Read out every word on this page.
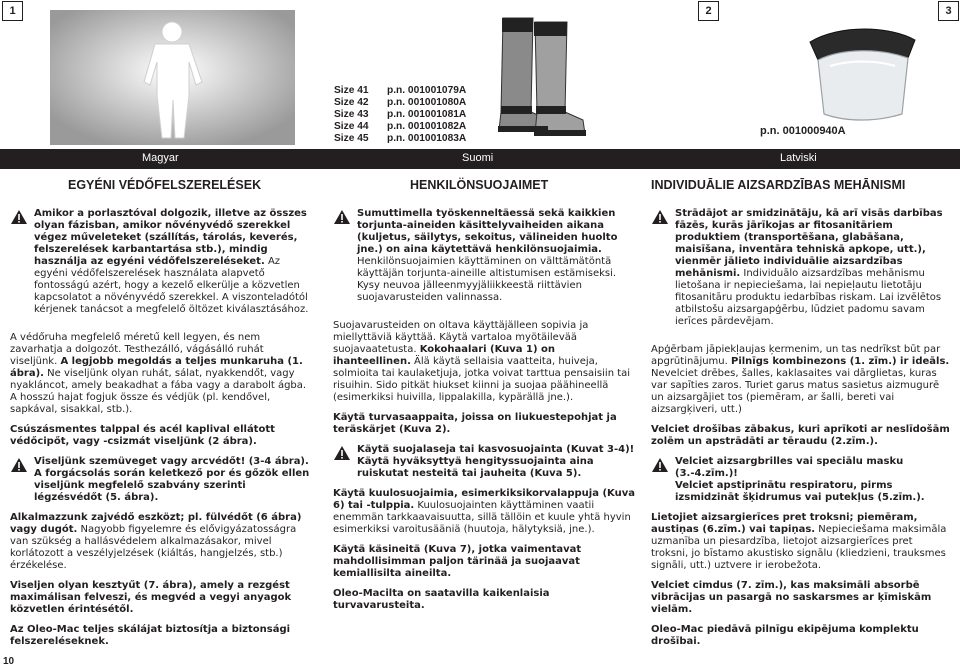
1	2	3
Size 41	p.n. 001001079A
Size 42	p.n. 001001080A
Size 43	p.n. 001001081A
Size 44	p.n. 001001082A
Size 45	p.n. 001001083A
p.n. 001000940A
Magyar	Suomi	Latviski
EGYÉNI VÉDŐFELSZERELÉSEK	HENKILÖNSUOJAIMET	INDIVIDUĀLIE AIZSARDZĪBAS MEHĀNISMI

Amikor a porlasztóval dolgozik, illetve az összes olyan fázisban, amikor nővényvédő szerekkel végez műveleteket (szállítás, tárolás, keverés, felszerelések karbantartása stb.), mindig használja az egyéni védőfelszereléseket. Az egyéni védőfelszerelések használata alapvető fontosságú azért, hogy a kezelő elkerülje a közvetlen kapcsolatot a növényvédő szerekkel. A viszonteladótól kérjenek tanácsot a megfelelő öltözet kiválasztásához.

A védőruha megfelelő méretű kell legyen, és nem zavarhatja a dolgozót. Testhezálló, vágásálló ruhát viseljünk. A legjobb megoldás a teljes munkaruha (1. ábra). Ne viseljünk olyan ruhát, sálat, nyakkendőt, vagy nyakláncot, amely beakadhat a fába vagy a darabolt ágba. A hosszú hajat fogjuk össze és védjük (pl. kendővel, sapkával, sisakkal, stb.).

Csúszásmentes talppal és acél kaplival ellátott védőcipőt, vagy -csizmát viseljünk (2 ábra).

Viseljünk szemüveget vagy arcvédőt! (3-4 ábra).
A forgácsolás során keletkező por és gőzök ellen viseljünk megfelelő szabvány szerinti légzésvédőt (5. ábra).

Alkalmazzunk zajvédő eszközt; pl. fülvédőt (6 ábra) vagy dugót. Nagyobb figyelemre és elővigyázatosságra van szükség a hallásvédelem alkalmazásakor, mivel korlátozott a veszélyjelzések (kiáltás, hangjelzés, stb.) érzékelése.

Viseljen olyan kesztyűt (7. ábra), amely a rezgést maximálisan felveszi, és megvéd a vegyi anyagok közvetlen érintésétől.

Az Oleo-Mac teljes skálájat biztosítja a biztonsági felszereléseknek.

Sumuttimella työskenneltäessä sekä kaikkien torjunta-aineiden käsittelyvaiheiden aikana (kuljetus, säilytys, sekoitus, välineiden huolto jne.) on aina käytettävä henkilönsuojaimia. Henkilönsuojaimien käyttäminen on välttämätöntä käyttäjän torjunta-aineille altistumisen estämiseksi. Kysy neuvoa jälleenmyyjäliikkeestä riittävien suojavarusteiden valinnassa.

Suojavarusteiden on oltava käyttäjälleen sopivia ja miellyttäviä käyttää. Käytä vartaloa myötäilevää suojavaatetusta. Kokohaalari (Kuva 1) on ihanteellinen. Älä käytä sellaisia vaatteita, huiveja, solmioita tai kaulaketjuja, jotka voivat tarttua pensaisiin tai risuihin. Sido pitkät hiukset kiinni ja suojaa päähineellä (esimerkiksi huivilla, lippalakilla, kypärällä jne.).

Käytä turvasaappaita, joissa on liukuestepohjat ja teräskärjet (Kuva 2).

Käytä suojalaseja tai kasvosuojainta (Kuvat 3-4)!
Käytä hyväksyttyä hengityssuojainta aina ruiskutat nesteitä tai jauheita (Kuva 5).

Käytä kuulosuojaimia, esimerkiksikorvalappuja (Kuva 6) tai -tulppia. Kuulosuojainten käyttäminen vaatii enemmän tarkkaavaisuutta, sillä tällöin et kuule yhtä hyvin esimerkiksi varoitusääniä (huutoja, hälytyksiä, jne.).

Käytä käsineitä (Kuva 7), jotka vaimentavat mahdollisimman paljon tärinää ja suojaavat kemiallisilta aineilta.

Oleo-Macilta on saatavilla kaikenlaisia turvavarusteita.

Strādājot ar smidzinātāju, kā arī visās darbības fāzēs, kurās jārīkojas ar fitosanitāriem produktiem (transportēšana, glabāšana, maisīšana, inventāra tehniskā apkope, utt.), vienmēr jālieto individuālie aizsardzības mehānismi. Individuālo aizsardzības mehānismu lietošana ir nepieciešama, lai nepieļautu lietotāju fitosanitāru produktu iedarbības riskam. Lai izvēlētos atbilstošu aizsargapģērbu, lūdziet padomu savam ierīces pārdevējam.

Apģērbam jāpiekļaujas ķermenim, un tas nedrīkst būt par apgrūtinājumu. Pilnīgs kombinezons (1. zīm.) ir ideāls. Nevelciet drēbes, šalles, kaklasaites vai dārglietas, kuras var sapīties zaros. Turiet garus matus sasietus aizmugurē un aizsargājiet tos (piemēram, ar šalli, bereti vai aizsargķiveri, utt.)

Velciet drošības zābakus, kuri aprīkoti ar neslīdošām zolēm un apstrādāti ar tēraudu (2.zīm.).

Velciet aizsargbrilles vai speciālu masku (3.-4.zīm.)!
Velciet apstiprinātu respiratoru, pirms izsmidzināt šķidrumus vai putekļus (5.zīm.).

Lietojiet aizsargierīces pret troksni; piemēram, austiņas (6.zīm.) vai tapiņas. Nepieciešama maksimāla uzmanība un piesardzība, lietojot aizsargierīces pret troksni, jo bīstamo akustisko signālu (kliedzieni, trauksmes signāli, utt.) uztvere ir ierobežota.

Velciet cimdus (7. zīm.), kas maksimāli absorbē vibrācijas un pasargā no saskarsmes ar ķīmiskām vielām.

Oleo-Mac piedāvā pilnīgu ekipējuma komplektu drošībai.

10
